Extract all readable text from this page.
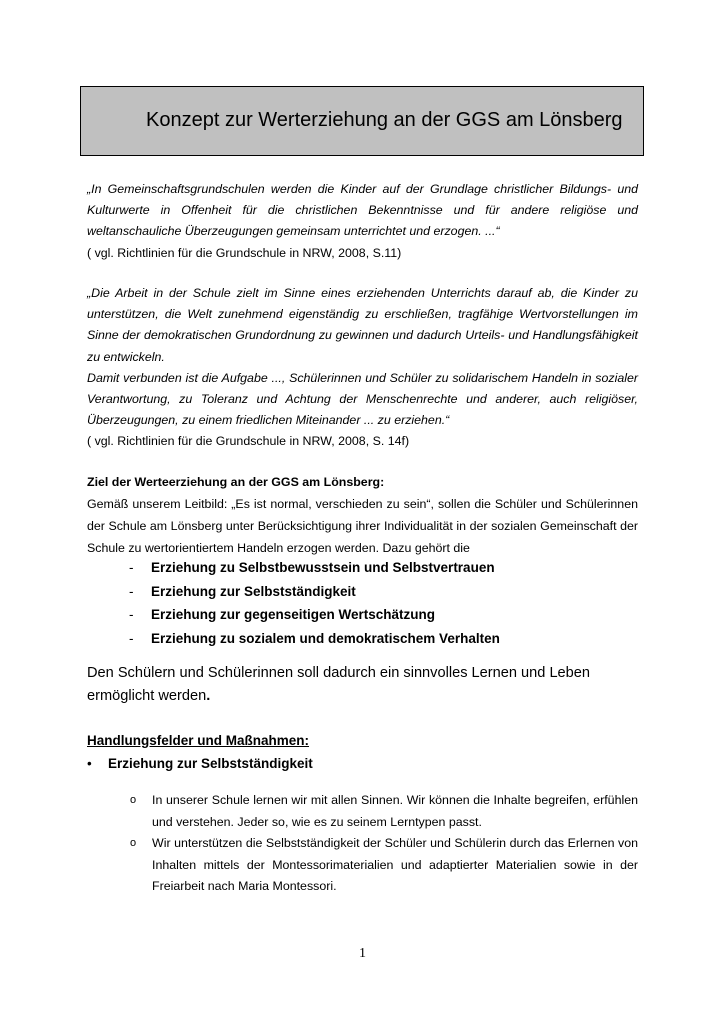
Konzept zur Werterziehung an der GGS am Lönsberg
„In Gemeinschaftsgrundschulen werden die Kinder auf der Grundlage christlicher Bildungs- und
Kulturwerte in Offenheit für die christlichen Bekenntnisse und für andere religiöse und
weltanschauliche Überzeugungen gemeinsam unterrichtet und erzogen. ...“
( vgl. Richtlinien für die Grundschule in NRW, 2008, S.11)
„Die Arbeit in der Schule zielt im Sinne eines erziehenden Unterrichts darauf ab, die Kinder zu
unterstützen, die Welt zunehmend eigenständig zu erschließen, tragfähige Wertvorstellungen im
Sinne der demokratischen Grundordnung zu gewinnen und dadurch Urteils- und Handlungsfähigkeit
zu entwickeln.
Damit verbunden ist die Aufgabe ..., Schülerinnen und Schüler zu solidarischem Handeln in sozialer
Verantwortung, zu Toleranz und Achtung der Menschenrechte und anderer, auch religiöser,
Überzeugungen, zu einem friedlichen Miteinander ... zu erziehen.“
( vgl. Richtlinien für die Grundschule in NRW, 2008, S. 14f)
Ziel der Werteerziehung an der GGS am Lönsberg:
Gemäß unserem Leitbild: „Es ist normal, verschieden zu sein“, sollen die Schüler und Schülerinnen
der Schule am Lönsberg unter Berücksichtigung ihrer Individualität in der sozialen Gemeinschaft der
Schule zu wertorientiertem Handeln erzogen werden. Dazu gehört die
- Erziehung zu Selbstbewusstsein und Selbstvertrauen
- Erziehung zur Selbstständigkeit
- Erziehung zur gegenseitigen Wertschätzung
- Erziehung zu sozialem und demokratischem Verhalten
Den Schülern und Schülerinnen soll dadurch ein sinnvolles Lernen und Leben ermöglicht werden.
Handlungsfelder und Maßnahmen:
• Erziehung zur Selbstständigkeit
o In unserer Schule lernen wir mit allen Sinnen. Wir können die Inhalte begreifen, erfühlen und verstehen. Jeder so, wie es zu seinem Lerntypen passt.
o Wir unterstützen die Selbstständigkeit der Schüler und Schülerin durch das Erlernen von Inhalten mittels der Montessorimaterialien und adaptierter Materialien sowie in der Freiarbeit nach Maria Montessori.
1
